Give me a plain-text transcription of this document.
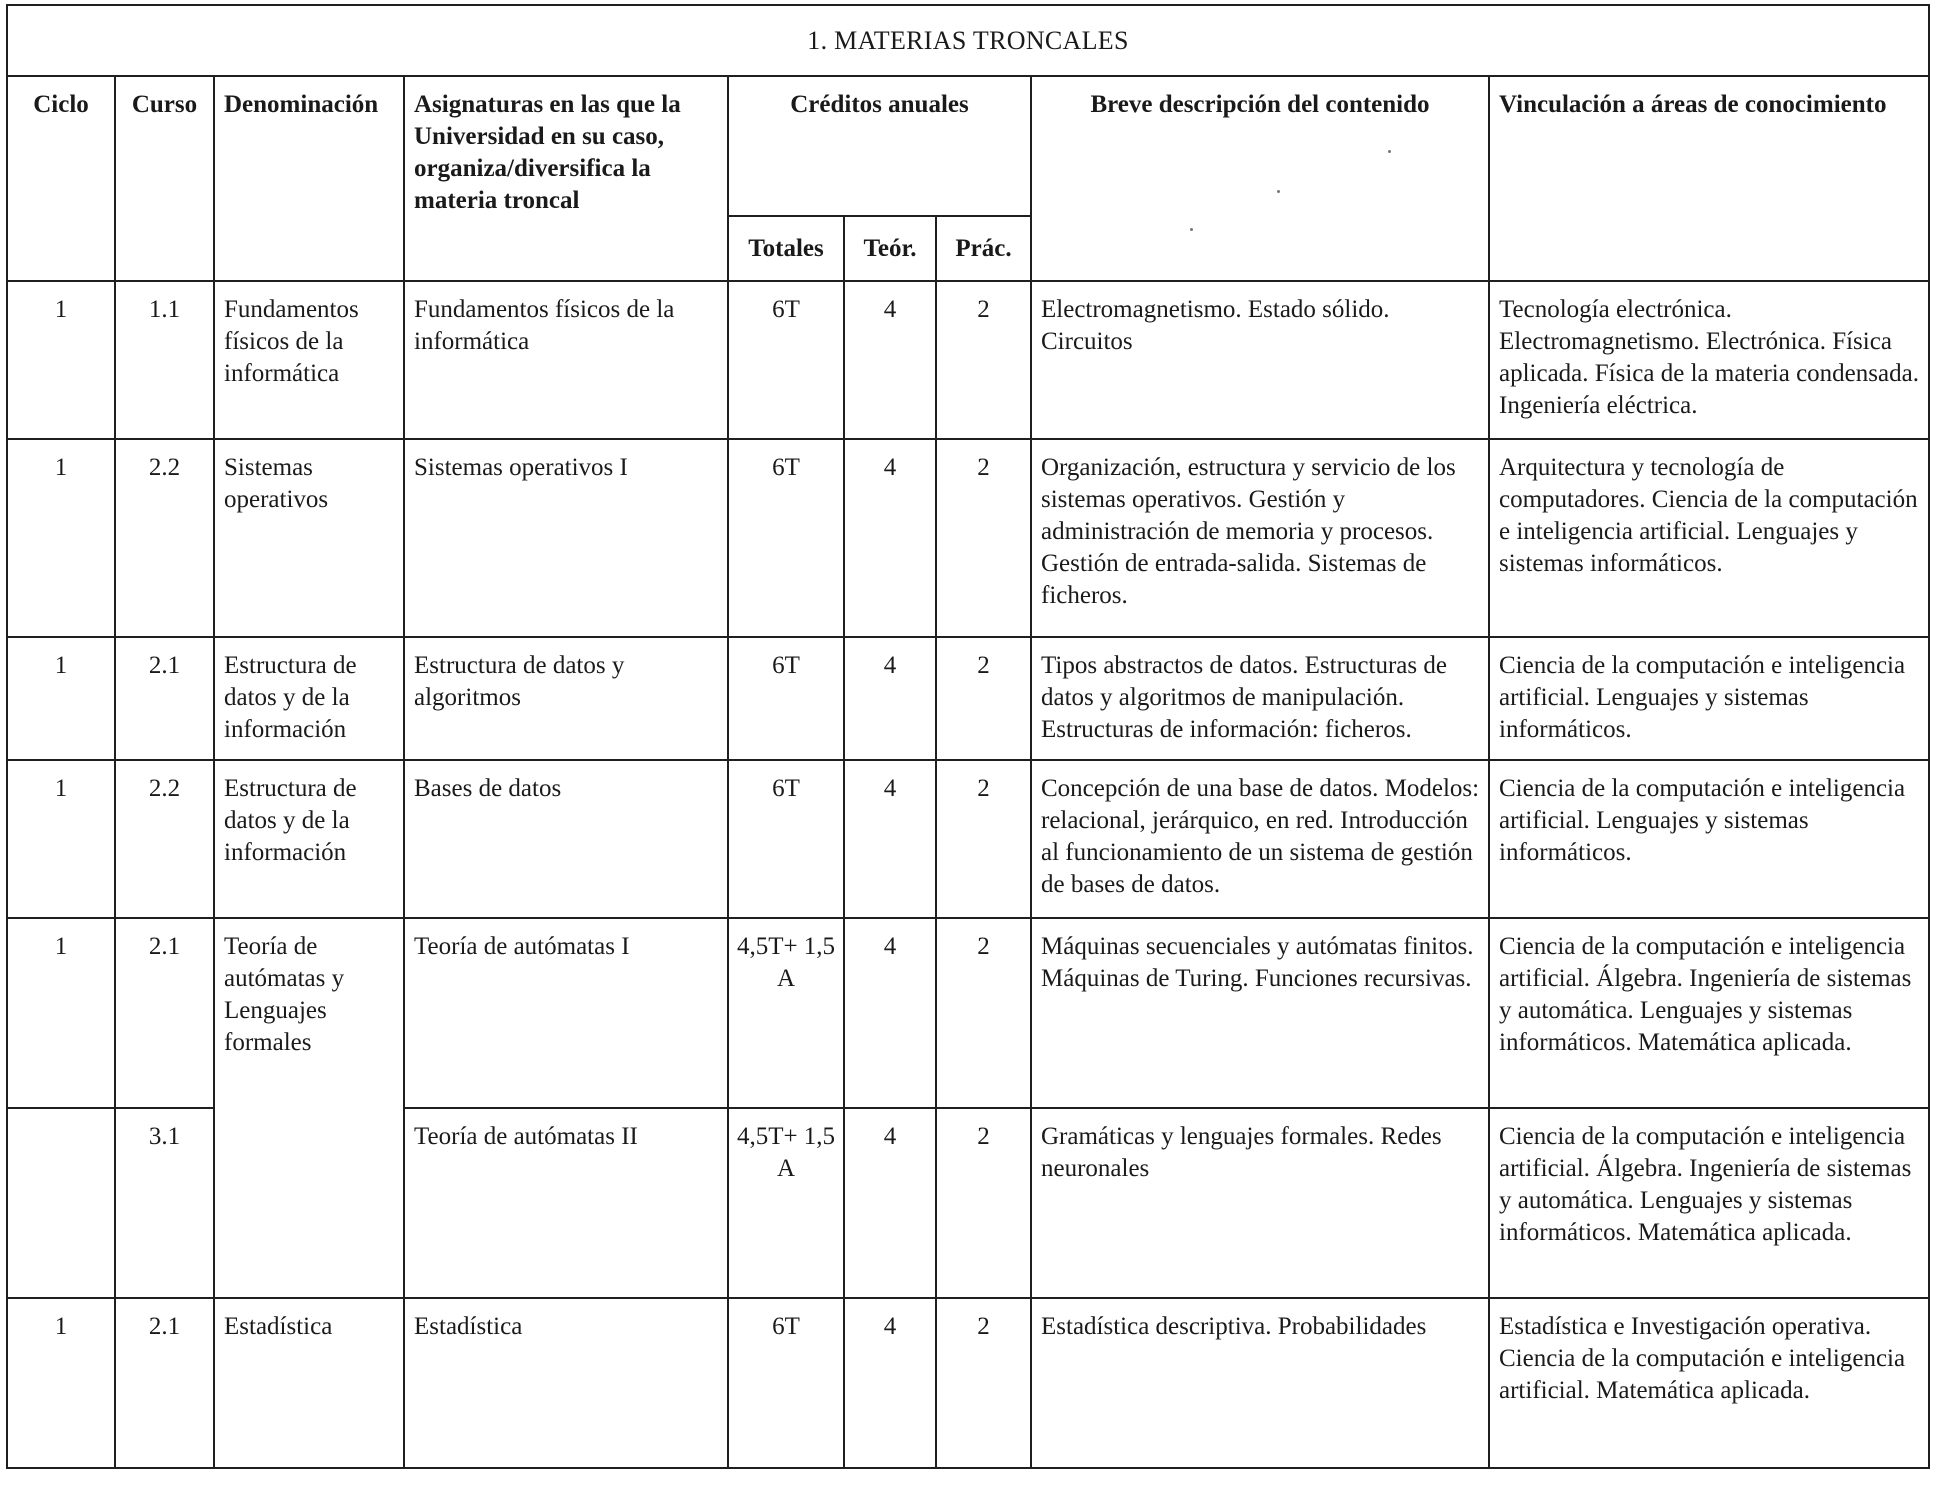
1. MATERIAS TRONCALES								
Ciclo	Curso	Denominación	Asignaturas en las que la Universidad en su caso, organiza/diversifica la materia troncal	Créditos anuales			Breve descripción del contenido	Vinculación a áreas de conocimiento
				Totales	Teór.	Prác.		
1	1.1	Fundamentos físicos de la informática	Fundamentos físicos de la informática	6T	4	2	Electromagnetismo. Estado sólido. Circuitos	Tecnología electrónica. Electromagnetismo. Electrónica. Física aplicada. Física de la materia condensada. Ingeniería eléctrica.
1	2.2	Sistemas operativos	Sistemas operativos I	6T	4	2	Organización, estructura y servicio de los sistemas operativos. Gestión y administración de memoria y procesos. Gestión de entrada-salida. Sistemas de ficheros.	Arquitectura y tecnología de computadores. Ciencia de la computación e inteligencia artificial. Lenguajes y sistemas informáticos.
1	2.1	Estructura de datos y de la información	Estructura de datos y algoritmos	6T	4	2	Tipos abstractos de datos. Estructuras de datos y algoritmos de manipulación. Estructuras de información: ficheros.	Ciencia de la computación e inteligencia artificial. Lenguajes y sistemas informáticos.
1	2.2	Estructura de datos y de la información	Bases de datos	6T	4	2	Concepción de una base de datos. Modelos: relacional, jerárquico, en red. Introducción al funcionamiento de un sistema de gestión de bases de datos.	Ciencia de la computación e inteligencia artificial. Lenguajes y sistemas informáticos.
1	2.1	Teoría de autómatas y Lenguajes formales	Teoría de autómatas I	4,5T+ 1,5 A	4	2	Máquinas secuenciales y autómatas finitos. Máquinas de Turing. Funciones recursivas.	Ciencia de la computación e inteligencia artificial. Álgebra. Ingeniería de sistemas y automática. Lenguajes y sistemas informáticos. Matemática aplicada.
	3.1		Teoría de autómatas II	4,5T+ 1,5 A	4	2	Gramáticas y lenguajes formales. Redes neuronales	Ciencia de la computación e inteligencia artificial. Álgebra. Ingeniería de sistemas y automática. Lenguajes y sistemas informáticos. Matemática aplicada.
1	2.1	Estadística	Estadística	6T	4	2	Estadística descriptiva. Probabilidades	Estadística e Investigación operativa. Ciencia de la computación e inteligencia artificial. Matemática aplicada.
